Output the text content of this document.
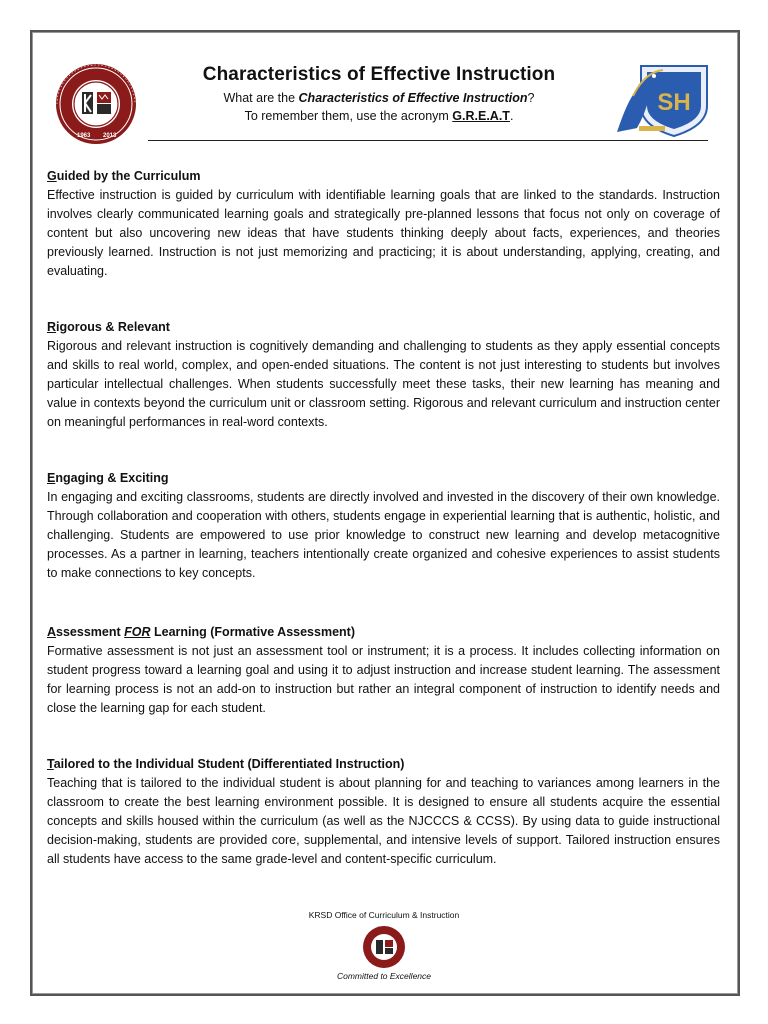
1963 2013
SH
Characteristics of Effective Instruction
What are the Characteristics of Effective Instruction?
To remember them, use the acronym G.R.E.A.T.
Guided by the Curriculum
Effective instruction is guided by curriculum with identifiable learning goals that are linked to the standards. Instruction involves clearly communicated learning goals and strategically pre-planned lessons that focus not only on coverage of content but also uncovering new ideas that have students thinking deeply about facts, experiences, and theories previously learned. Instruction is not just memorizing and practicing; it is about understanding, applying, creating, and evaluating.
Rigorous & Relevant
Rigorous and relevant instruction is cognitively demanding and challenging to students as they apply essential concepts and skills to real world, complex, and open-ended situations. The content is not just interesting to students but involves particular intellectual challenges. When students successfully meet these tasks, their new learning has meaning and value in contexts beyond the curriculum unit or classroom setting. Rigorous and relevant curriculum and instruction center on meaningful performances in real-word contexts.
Engaging & Exciting
In engaging and exciting classrooms, students are directly involved and invested in the discovery of their own knowledge. Through collaboration and cooperation with others, students engage in experiential learning that is authentic, holistic, and challenging. Students are empowered to use prior knowledge to construct new learning and develop metacognitive processes. As a partner in learning, teachers intentionally create organized and cohesive experiences to assist students to make connections to key concepts.
Assessment FOR Learning (Formative Assessment)
Formative assessment is not just an assessment tool or instrument; it is a process. It includes collecting information on student progress toward a learning goal and using it to adjust instruction and increase student learning. The assessment for learning process is not an add-on to instruction but rather an integral component of instruction to identify needs and close the learning gap for each student.
Tailored to the Individual Student (Differentiated Instruction)
Teaching that is tailored to the individual student is about planning for and teaching to variances among learners in the classroom to create the best learning environment possible. It is designed to ensure all students acquire the essential concepts and skills housed within the curriculum (as well as the NJCCCS & CCSS). By using data to guide instructional decision-making, students are provided core, supplemental, and intensive levels of support. Tailored instruction ensures all students have access to the same grade-level and content-specific curriculum.
KRSD Office of Curriculum & Instruction
Committed to Excellence
